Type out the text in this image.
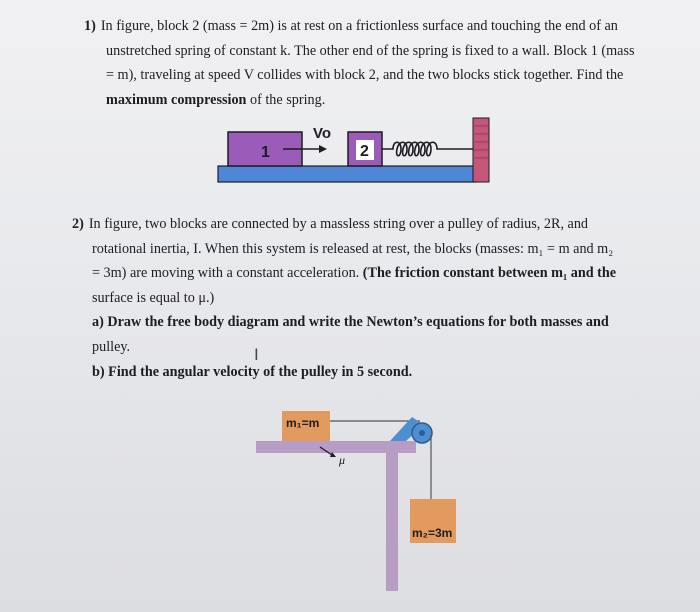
1) In figure, block 2 (mass = 2m) is at rest on a frictionless surface and touching the end of an

unstretched spring of constant k. The other end of the spring is fixed to a wall. Block 1 (mass
= m), traveling at speed V collides with block 2, and the two blocks stick together. Find the
maximum compression of the spring.
1
Vo
2
2) In figure, two blocks are connected by a massless string over a pulley of radius, 2R, and

rotational inertia, I. When this system is released at rest, the blocks (masses: m₁ = m and m₂
= 3m) are moving with a constant acceleration. (The friction constant between m₁ and the
surface is equal to μ.)
a) Draw the free body diagram and write the Newton’s equations for both masses and
pulley.
b) Find the angular velocity of the pulley in 5 second.
I
m₁=m
μ
m₂=3m
